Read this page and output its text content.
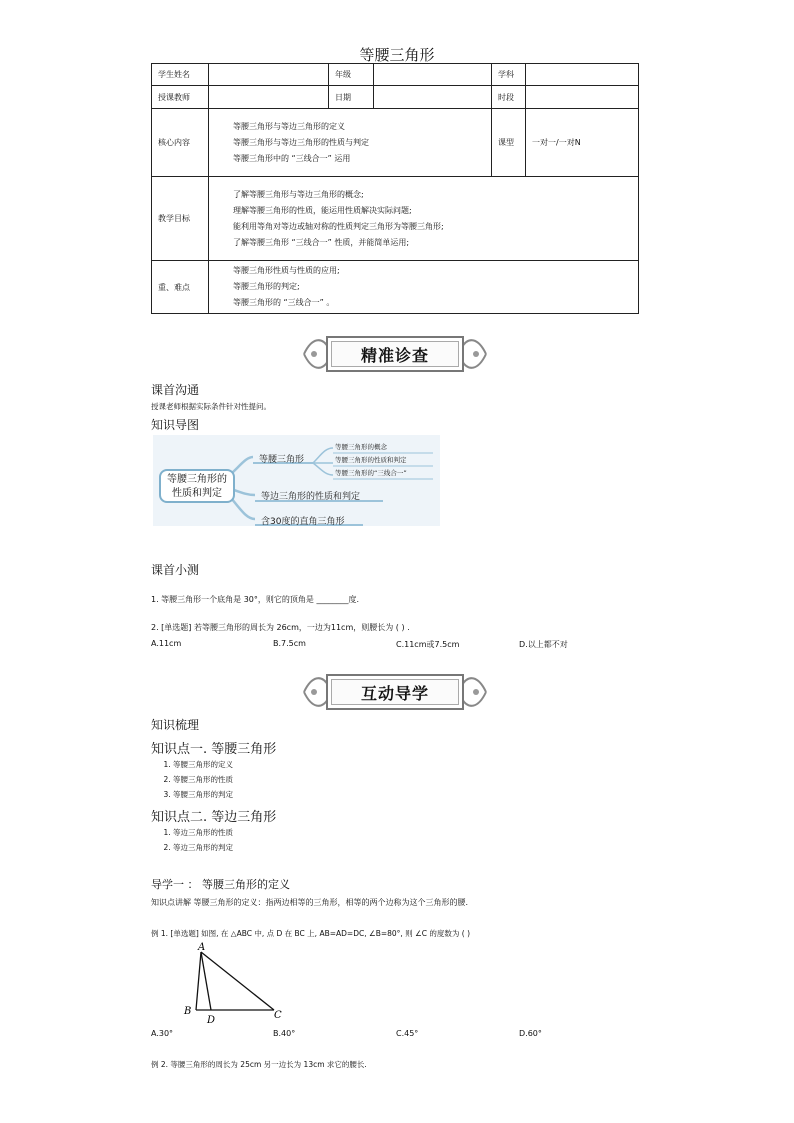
等腰三角形
学生姓名		年级		学科	
授课教师		日期		时段	
核心内容	等腰三角形与等边三角形的定义
等腰三角形与等边三角形的性质与判定
等腰三角形中的 “三线合一” 运用			课型	一对一/一对N
教学目标	了解等腰三角形与等边三角形的概念;
理解等腰三角形的性质，能运用性质解决实际问题;
能利用等角对等边或轴对称的性质判定三角形为等腰三角形;
了解等腰三角形 “三线合一” 性质，并能简单运用;				

重、难点	等腰三角形性质与性质的应用;
等腰三角形的判定;
等腰三角形的 “三线合一” 。				
精准诊查
课首沟通
授课老师根据实际条件针对性提问。
知识导图
等腰三角形的
性质和判定
等腰三角形
等腰三角形的概念
等腰三角形的性质和判定
等腰三角形的“三线合一”
等边三角形的性质和判定
含30度的直角三角形
课首小测
1. 等腰三角形一个底角是 30°，则它的顶角是 ________度.
2. [单选题] 若等腰三角形的周长为 26cm，一边为11cm，则腰长为 ( ) .
A.11cm	B.7.5cm	C.11cm或7.5cm	D.以上都不对
互动导学
知识梳理
知识点一. 等腰三角形
1. 等腰三角形的定义
2. 等腰三角形的性质
3. 等腰三角形的判定
知识点二. 等边三角形
1. 等边三角形的性质
2. 等边三角形的判定
导学一 ： 等腰三角形的定义
知识点讲解 等腰三角形的定义：指两边相等的三角形，相等的两个边称为这个三角形的腰.
例 1. [单选题] 如图, 在 △ABC 中, 点 D 在 BC 上, AB=AD=DC, ∠B=80°, 则 ∠C 的度数为 ( )
A
B
D	C
A.30°	B.40°	C.45°	D.60°
例 2. 等腰三角形的周长为 25cm 另一边长为 13cm 求它的腰长.
